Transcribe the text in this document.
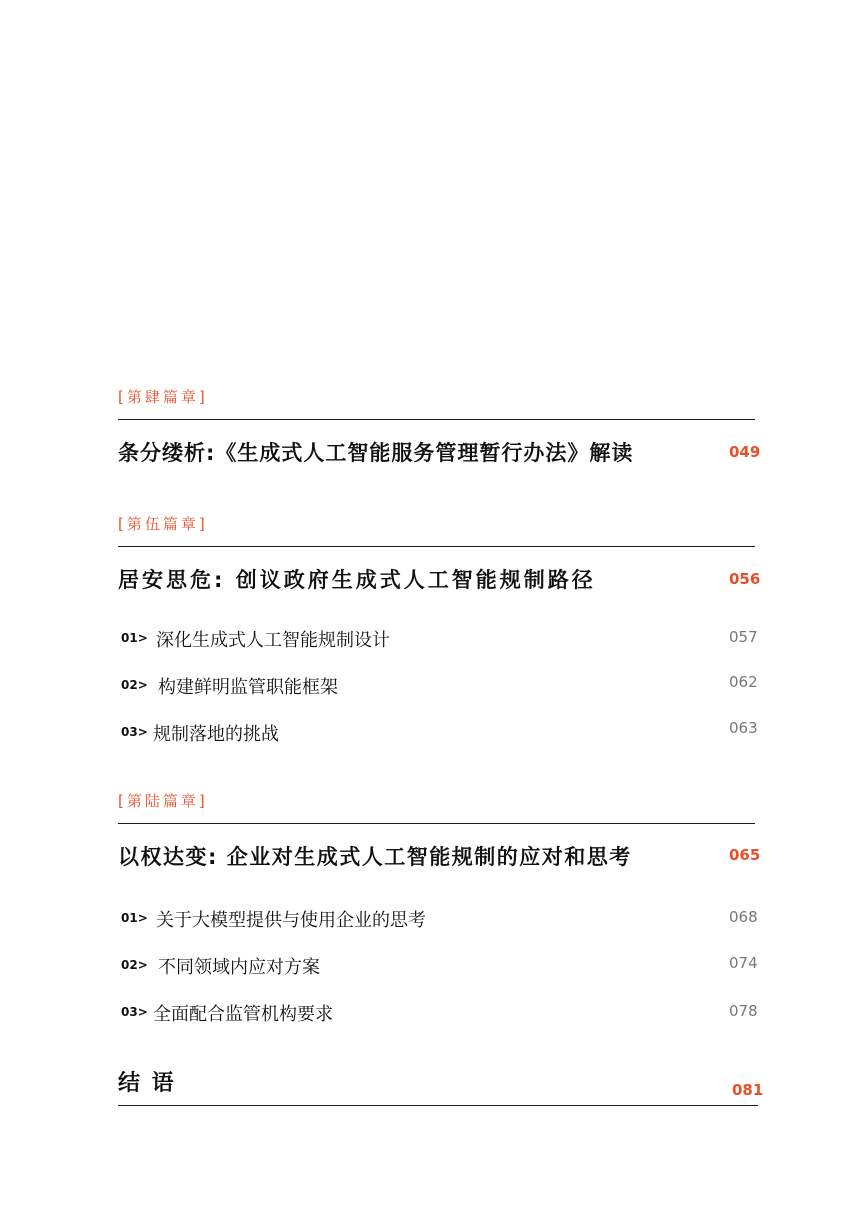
[第肆篇章]
条分缕析:《生成式人工智能服务管理暂行办法》解读	049
[第伍篇章]
居安思危: 创议政府生成式人工智能规制路径	056
01> 深化生成式人工智能规制设计	057
02> 构建鲜明监管职能框架	062
03> 规制落地的挑战	063
[第陆篇章]
以权达变: 企业对生成式人工智能规制的应对和思考	065
01> 关于大模型提供与使用企业的思考	068
02> 不同领域内应对方案	074
03> 全面配合监管机构要求	078
结 语	081
